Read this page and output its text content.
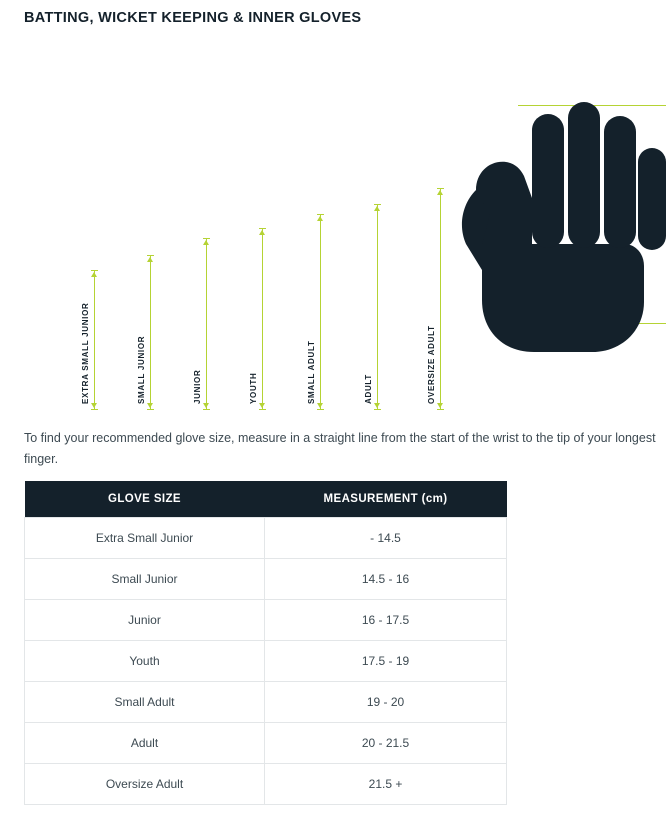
BATTING, WICKET KEEPING & INNER GLOVES
EXTRA SMALL JUNIOR	SMALL JUNIOR	JUNIOR	YOUTH	SMALL ADULT	ADULT	OVERSIZE ADULT
To find your recommended glove size, measure in a straight line from the start of the wrist to the tip of your longest finger.
GLOVE SIZE	MEASUREMENT (cm)
Extra Small Junior	- 14.5
Small Junior	14.5 - 16
Junior	16 - 17.5
Youth	17.5 - 19
Small Adult	19 - 20
Adult	20 - 21.5
Oversize Adult	21.5 +
